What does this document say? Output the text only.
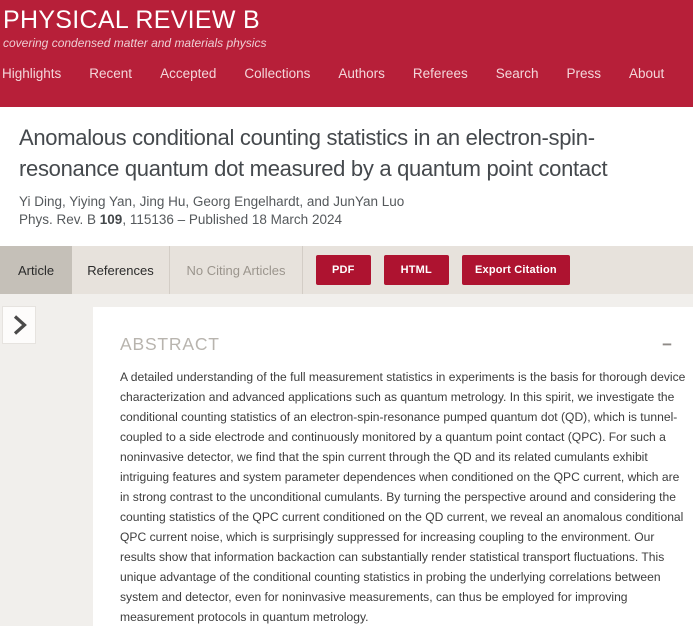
PHYSICAL REVIEW B
covering condensed matter and materials physics
Highlights Recent Accepted Collections Authors Referees Search Press About
Anomalous conditional counting statistics in an electron-spin-resonance quantum dot measured by a quantum point contact
Yi Ding, Yiying Yan, Jing Hu, Georg Engelhardt, and JunYan Luo
Phys. Rev. B 109, 115136 – Published 18 March 2024
Article	References	No Citing Articles	PDF	HTML	Export Citation
ABSTRACT	−

A detailed understanding of the full measurement statistics in experiments is the basis for thorough device characterization and advanced applications such as quantum metrology. In this spirit, we investigate the conditional counting statistics of an electron-spin-resonance pumped quantum dot (QD), which is tunnel-coupled to a side electrode and continuously monitored by a quantum point contact (QPC). For such a noninvasive detector, we find that the spin current through the QD and its related cumulants exhibit intriguing features and system parameter dependences when conditioned on the QPC current, which are in strong contrast to the unconditional cumulants. By turning the perspective around and considering the counting statistics of the QPC current conditioned on the QD current, we reveal an anomalous conditional QPC current noise, which is surprisingly suppressed for increasing coupling to the environment. Our results show that information backaction can substantially render statistical transport fluctuations. This unique advantage of the conditional counting statistics in probing the underlying correlations between system and detector, even for noninvasive measurements, can thus be employed for improving measurement protocols in quantum metrology.
